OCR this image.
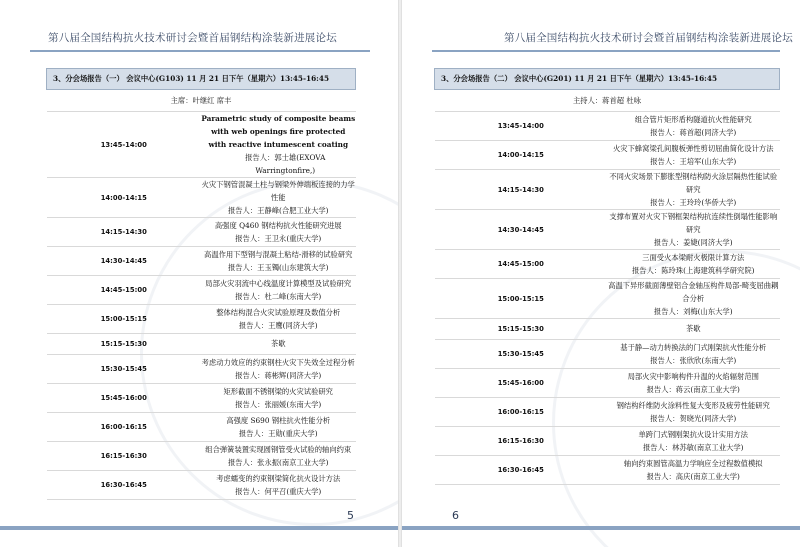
第八届全国结构抗火技术研讨会暨首届钢结构涂装新进展论坛
3、分会场报告（一） 会议中心(G103) 11 月 21 日下午（星期六）13:45-16:45	
主席：叶继红 席丰	
13:45-14:00	Parametric study of composite beams with web openings fire protected with reactive intumescent coating
报告人：郭士雄(EXOVA Warringtonfire,)

14:00-14:15	火灾下钢管混凝土柱与钢梁外伸端板连接的力学性能
报告人：王静峰(合肥工业大学)

14:15-14:30	高强度 Q460 钢结构抗火性能研究进展
报告人：王卫永(重庆大学)

14:30-14:45	高温作用下型钢与混凝土粘结-滑移的试验研究
报告人：王玉镯(山东建筑大学)

14:45-15:00	局部火灾羽流中心线温度计算模型及试验研究
报告人：杜二峰(东南大学)

15:00-15:15	整体结构混合火灾试验原理及数值分析
报告人：王鹰(同济大学)

15:15-15:30	茶歇
15:30-15:45	考虑动力效应的约束钢柱火灾下失效全过程分析
报告人：蒋彬辉(同济大学)

15:45-16:00	矩形截面不锈钢梁的火灾试验研究
报告人：张丽媛(东南大学)

16:00-16:15	高强度 S690 钢柱抗火性能分析
报告人：王勋(重庆大学)

16:15-16:30	组合弹簧装置实现圆钢管受火试验的轴向约束
报告人：张永振(南京工业大学)

16:30-16:45	考虑蠕变的约束钢梁简化抗火设计方法
报告人：何平召(重庆大学)
5
第八届全国结构抗火技术研讨会暨首届钢结构涂装新进展论坛
3、分会场报告（二） 会议中心(G201) 11 月 21 日下午（星期六）13:45-16:45	
主持人：蒋首超 杜咏	
13:45-14:00	组合管片矩形盾构隧道抗火性能研究
报告人：蒋首超(同济大学)

14:00-14:15	火灾下蜂窝梁孔间腹板弹性剪切屈曲简化设计方法
报告人：王培军(山东大学)

14:15-14:30	不同火灾场景下膨胀型钢结构防火涂层隔热性能试验研究
报告人：王玲玲(华侨大学)

14:30-14:45	支撑布置对火灾下钢框架结构抗连续性倒塌性能影响研究
报告人：姜婕(同济大学)

14:45-15:00	三面受火本梁耐火极限计算方法
报告人：陈玲珠(上海建筑科学研究院)

15:00-15:15	高温下异形截面薄壁铝合金轴压构件局部-畸变屈曲耦合分析
报告人：刘梅(山东大学)

15:15-15:30	茶歇
15:30-15:45	基于静—动力转换法的门式刚架抗火性能分析
报告人：张欣欣(东南大学)

15:45-16:00	局部火灾中影响构件升温的火焰辐射范围
报告人：蒋云(南京工业大学)

16:00-16:15	钢结构纤维防火涂料性复大变形及疲劳性能研究
报告人：贺晓光(同济大学)

16:15-16:30	单跨门式钢刚架抗火设计实用方法
报告人：林苏敏(南京工业大学)

16:30-16:45	轴向约束圆管高温力学响应全过程数值模拟
报告人：高庆(南京工业大学)
6
